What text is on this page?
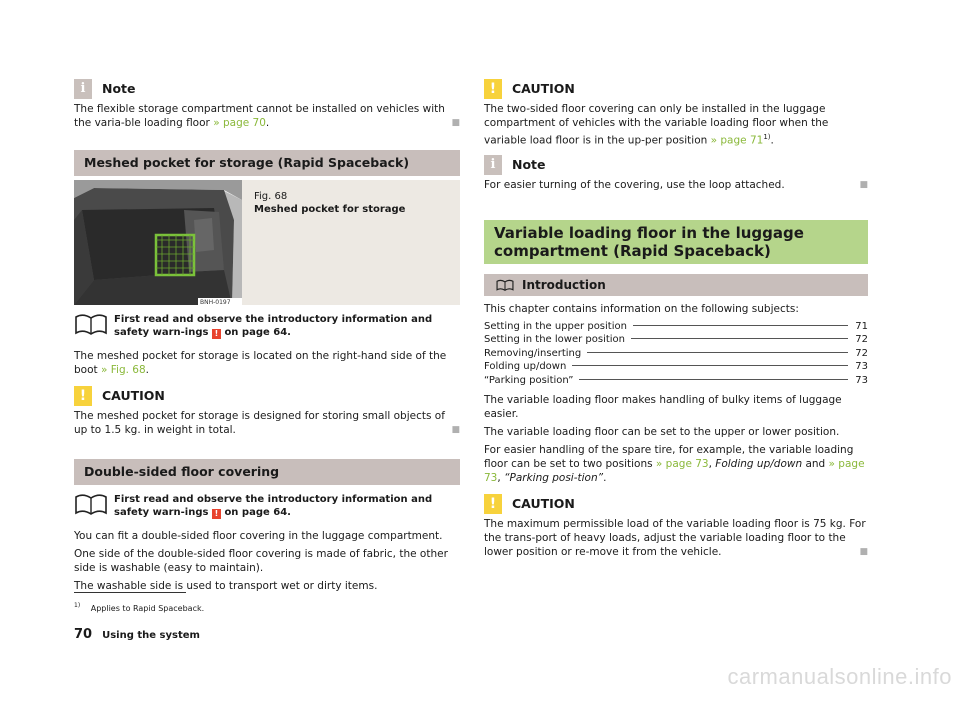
i	Note

The flexible storage compartment cannot be installed on vehicles with the varia-ble loading floor » page 70.	■

Meshed pocket for storage (Rapid Spaceback)
BNH-0197
Fig. 68
Meshed pocket for storage
First read and observe the introductory information and safety warn-ings ! on page 64.

The meshed pocket for storage is located on the right-hand side of the boot » Fig. 68.

!	CAUTION

The meshed pocket for storage is designed for storing small objects of up to 1.5 kg. in weight in total.	■

Double-sided floor covering
First read and observe the introductory information and safety warn-ings ! on page 64.

You can fit a double-sided floor covering in the luggage compartment.

One side of the double-sided floor covering is made of fabric, the other side is washable (easy to maintain).

The washable side is used to transport wet or dirty items.

!	CAUTION

The two-sided floor covering can only be installed in the luggage compartment of vehicles with the variable loading floor when the variable load floor is in the up-per position » page 71$^{1)}$.

i	Note

For easier turning of the covering, use the loop attached.	■

Variable loading floor in the luggage compartment (Rapid Spaceback)
Introduction

This chapter contains information on the following subjects:

Setting in the upper position	71
Setting in the lower position	72
Removing/inserting	72
Folding up/down	73
“Parking position”	73

The variable loading floor makes handling of bulky items of luggage easier.

The variable loading floor can be set to the upper or lower position.

For easier handling of the spare tire, for example, the variable loading floor can be set to two positions » page 73, Folding up/down and » page 73, “Parking posi-tion”.

!	CAUTION

The maximum permissible load of the variable loading floor is 75 kg. For the trans-port of heavy loads, adjust the variable loading floor to the lower position or re-move it from the vehicle.	■

$^{1)}$ Applies to Rapid Spaceback.
70 Using the system
carmanualsonline.info
